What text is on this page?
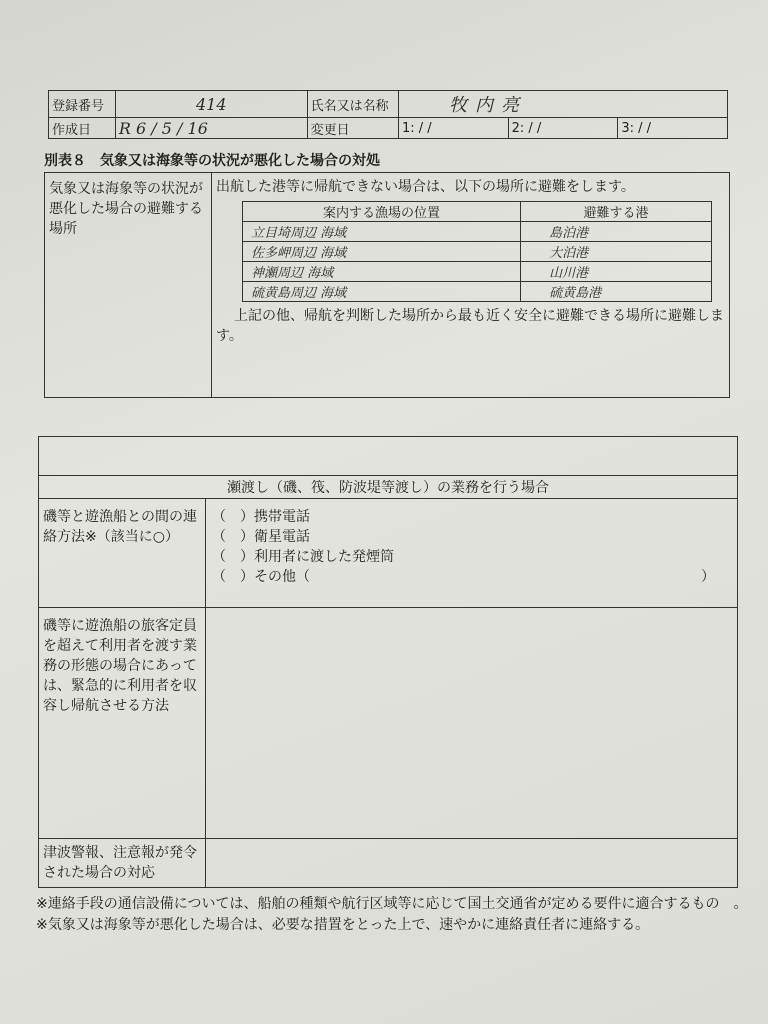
登録番号	414	氏名又は名称	牧内亮		
作成日	R 6 / 5 / 16	変更日	1: / /	2: / /	3: / /
別表８　気象又は海象等の状況が悪化した場合の対処
気象又は海象等の状況が悪化した場合の避難する場所	
出航した港等に帰航できない場合は、以下の場所に避難をします。
案内する漁場の位置	避難する港
立目埼周辺 海域	島泊港
佐多岬周辺 海域	大泊港
神瀬周辺 海域	山川港
硫黄島周辺 海域	硫黄島港
上記の他、帰航を判断した場所から最も近く安全に避難できる場所に避難します。

瀬渡し（磯、筏、防波堤等渡し）の業務を行う場合	
磯等と遊漁船との間の連絡方法※（該当に○）	（　）携帯電話
（　）衛星電話
（　）利用者に渡した発煙筒
（　）その他（ ）

磯等に遊漁船の旅客定員を超えて利用者を渡す業務の形態の場合にあっては、緊急的に利用者を収容し帰航させる方法	
津波警報、注意報が発令された場合の対応	
※連絡手段の通信設備については、船舶の種類や航行区域等に応じて国土交通省が定める要件に適合するもの　。
※気象又は海象等が悪化した場合は、必要な措置をとった上で、速やかに連絡責任者に連絡する。
